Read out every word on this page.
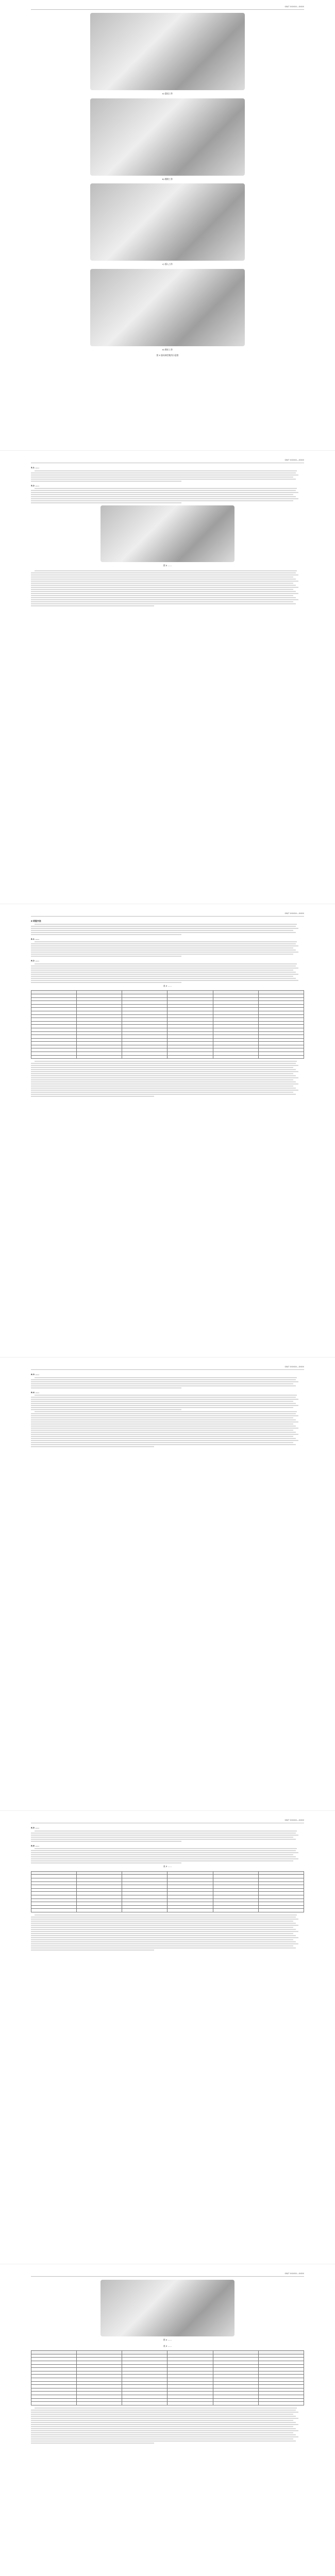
GB/T XXXXX—XXXX
a) 悬挂工作
b) 握持工作
c) 插入工作
d) 推拉工作
图 X 器具典型使用示意图
GB/T XXXXX—XXXX
5.1 ……
5.2 ……
图 X ……
GB/T XXXXX—XXXX
6 试验方法
6.1 ……
6.2 ……
表 X ……

GB/T XXXXX—XXXX
6.3 ……
6.4 ……
GB/T XXXXX—XXXX
6.5 ……
6.6 ……
表 X ……

GB/T XXXXX—XXXX
图 X ……
表 X ……
